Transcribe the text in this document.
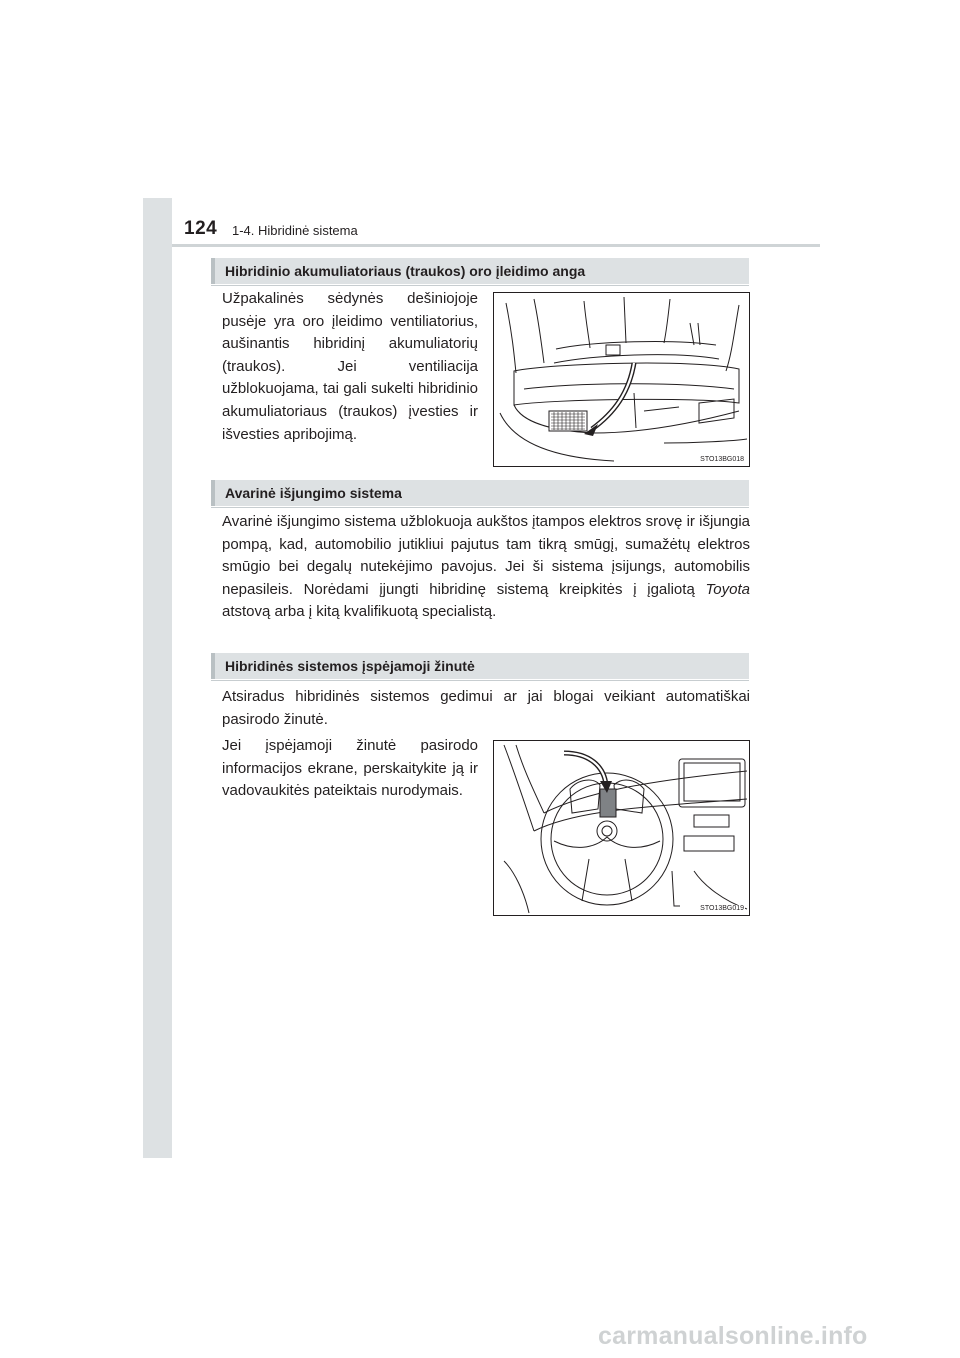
124 1-4. Hibridinė sistema
Hibridinio akumuliatoriaus (traukos) oro įleidimo anga

Užpakalinės sėdynės dešiniojoje pusėje yra oro įleidimo ventiliatorius, aušinantis hibridinį akumuliatorių (traukos). Jei ventiliacija užblokuojama, tai gali sukelti hibridinio akumuliatoriaus (traukos) įvesties ir išvesties apribojimą.

STO13BG018
Avarinė išjungimo sistema

Avarinė išjungimo sistema užblokuoja aukštos įtampos elektros srovę ir išjungia pompą, kad, automobilio jutikliui pajutus tam tikrą smūgį, sumažėtų elektros smūgio bei degalų nutekėjimo pavojus. Jei ši sistema įsijungs, automobilis nepasileis. Norėdami įjungti hibridinę sistemą kreipkitės į įgaliotą Toyota atstovą arba į kitą kvalifikuotą specialistą.

Hibridinės sistemos įspėjamoji žinutė

Atsiradus hibridinės sistemos gedimui ar jai blogai veikiant automatiškai pasirodo žinutė.

Jei įspėjamoji žinutė pasirodo informacijos ekrane, perskaitykite ją ir vadovaukitės pateiktais nurodymais.

STO13BG019
carmanualsonline.info
